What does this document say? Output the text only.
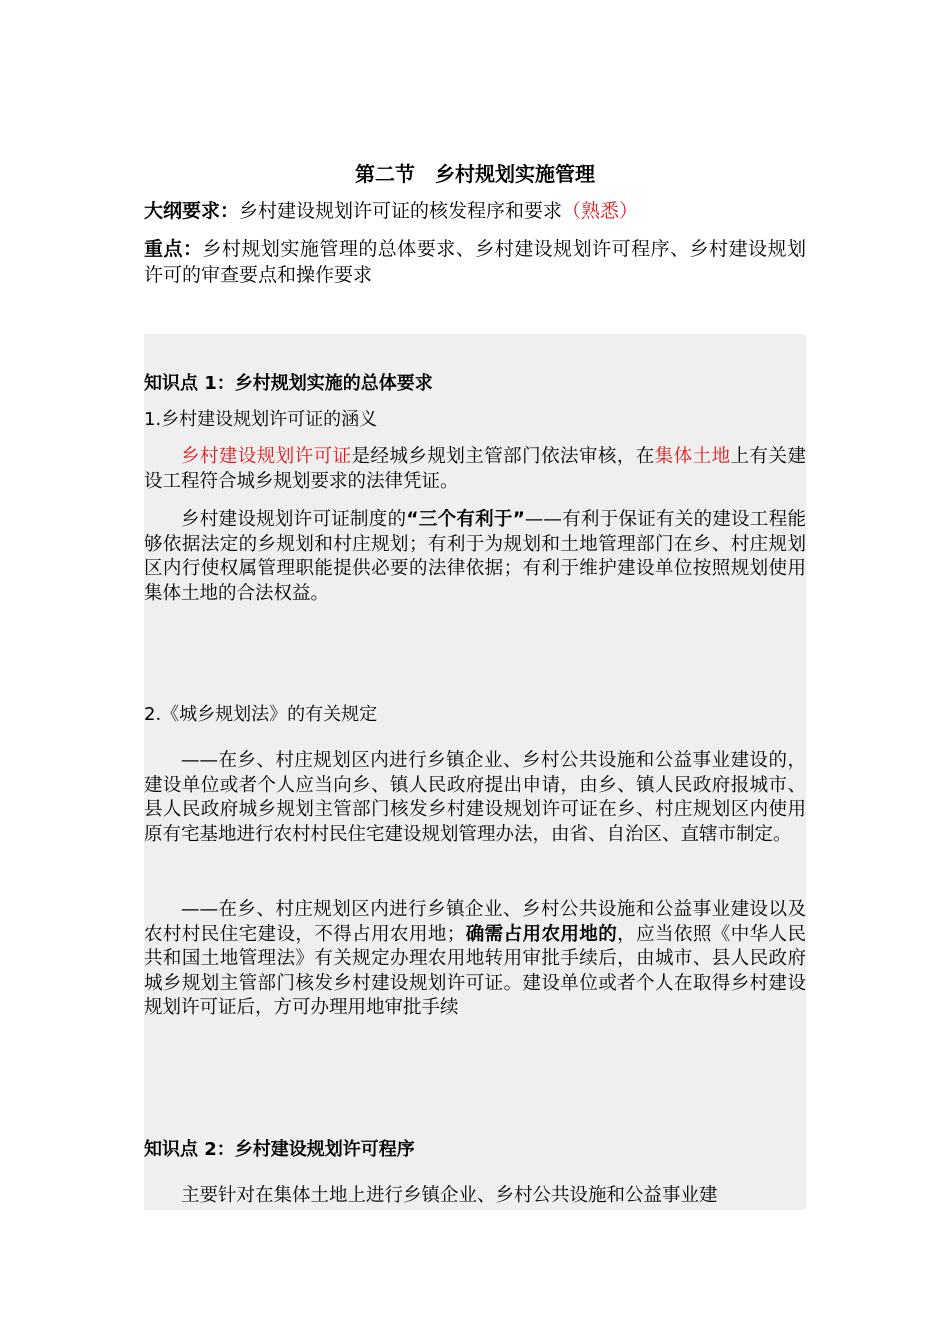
第二节　乡村规划实施管理
大纲要求：乡村建设规划许可证的核发程序和要求（熟悉）
重点：乡村规划实施管理的总体要求、乡村建设规划许可程序、乡村建设规划许可的审查要点和操作要求
知识点 1：乡村规划实施的总体要求
1.乡村建设规划许可证的涵义
乡村建设规划许可证是经城乡规划主管部门依法审核，在集体土地上有关建设工程符合城乡规划要求的法律凭证。
乡村建设规划许可证制度的“三个有利于”——有利于保证有关的建设工程能够依据法定的乡规划和村庄规划；有利于为规划和土地管理部门在乡、村庄规划区内行使权属管理职能提供必要的法律依据；有利于维护建设单位按照规划使用集体土地的合法权益。
2.《城乡规划法》的有关规定
——在乡、村庄规划区内进行乡镇企业、乡村公共设施和公益事业建设的，建设单位或者个人应当向乡、镇人民政府提出申请，由乡、镇人民政府报城市、县人民政府城乡规划主管部门核发乡村建设规划许可证在乡、村庄规划区内使用原有宅基地进行农村村民住宅建设规划管理办法，由省、自治区、直辖市制定。
——在乡、村庄规划区内进行乡镇企业、乡村公共设施和公益事业建设以及农村村民住宅建设，不得占用农用地；确需占用农用地的，应当依照《中华人民共和国土地管理法》有关规定办理农用地转用审批手续后，由城市、县人民政府城乡规划主管部门核发乡村建设规划许可证。建设单位或者个人在取得乡村建设规划许可证后，方可办理用地审批手续
知识点 2：乡村建设规划许可程序
主要针对在集体土地上进行乡镇企业、乡村公共设施和公益事业建
